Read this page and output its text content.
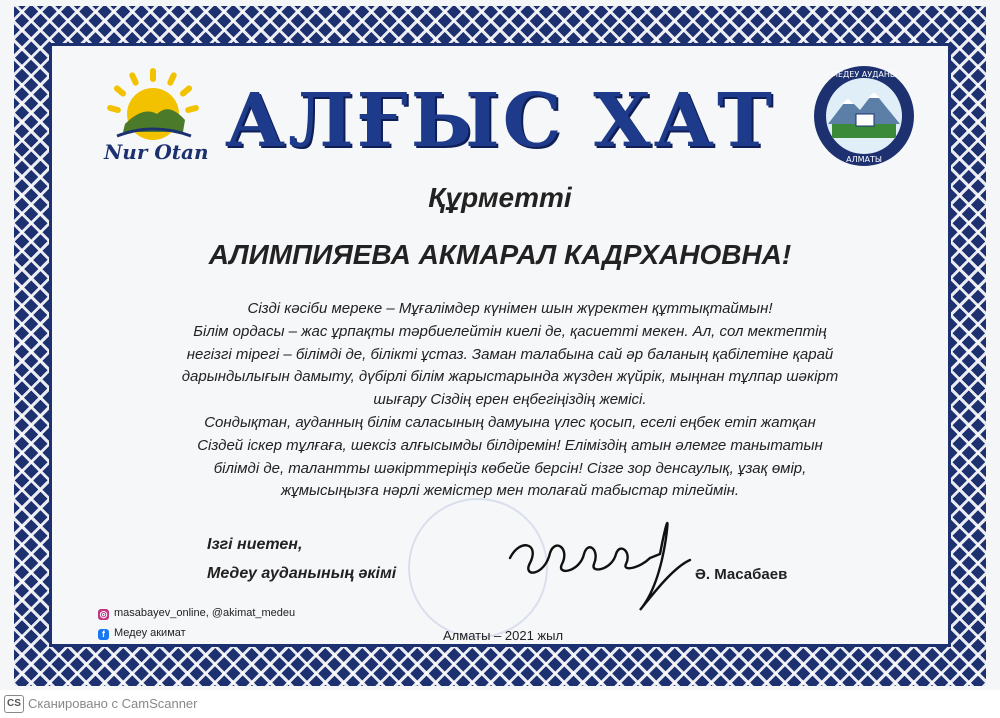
Nur Otan
МЕДЕУ АУДАНЫ
АЛМАТЫ
АЛҒЫС ХАТ
Құрметті
АЛИМПИЯЕВА АКМАРАЛ КАДРХАНОВНА!
Сізді кәсіби мереке – Мұғалімдер күнімен шын жүректен құттықтаймын!
Білім ордасы – жас ұрпақты тәрбиелейтін киелі де, қасиетті мекен. Ал, сол мектептің
негізгі тірегі – білімді де, білікті ұстаз. Заман талабына сай әр баланың қабілетіне қарай
дарындылығын дамыту, дүбірлі білім жарыстарында жүзден жүйрік, мыңнан тұлпар шәкірт
шығару Сіздің ерен еңбегіңіздің жемісі.
Сондықтан, ауданның білім саласының дамуына үлес қосып, еселі еңбек етіп жатқан
Сіздей іскер тұлғаға, шексіз алғысымды білдіремін! Еліміздің атын әлемге танытатын
білімді де, талантты шәкірттеріңіз көбейе берсін! Сізге зор денсаулық, ұзақ өмір,
жұмысыңызға нәрлі жемістер мен толағай табыстар тілеймін.
Ізгі ниетен,
Медеу ауданының әкімі	Ә. Масабаев
◎ masabayev_online, @akimat_medeu
f Медеу акимат	Алматы – 2021 жыл
CS Сканировано с CamScanner
